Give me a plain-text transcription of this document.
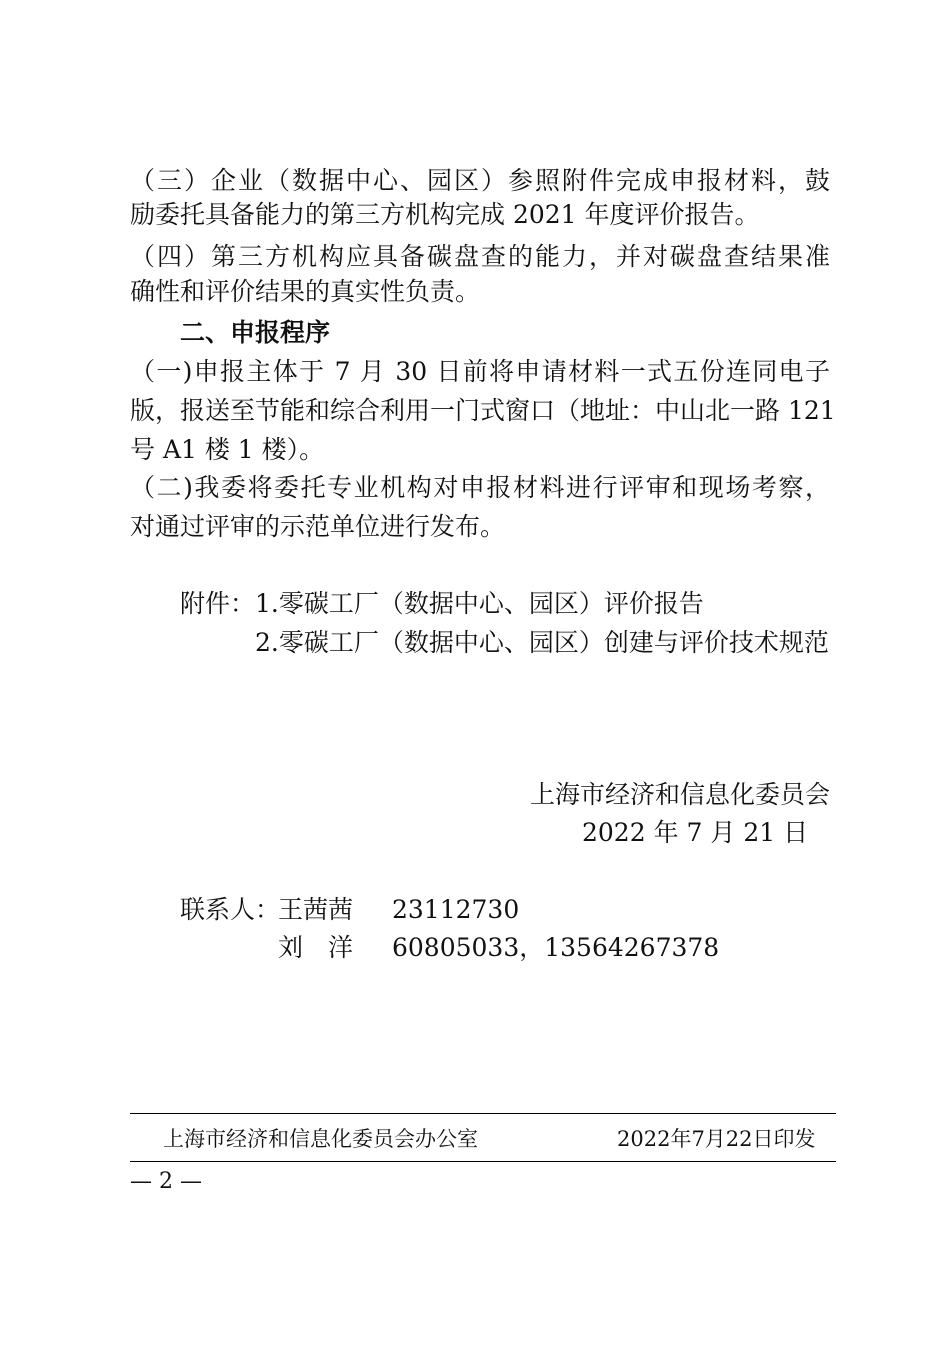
（三）企业（数据中心、园区）参照附件完成申报材料，鼓
励委托具备能力的第三方机构完成 2021 年度评价报告。
（四）第三方机构应具备碳盘查的能力，并对碳盘查结果准
确性和评价结果的真实性负责。
二、申报程序
（一)申报主体于 7 月 30 日前将申请材料一式五份连同电子
版，报送至节能和综合利用一门式窗口（地址：中山北一路 121
号 A1 楼 1 楼）。
（二)我委将委托专业机构对申报材料进行评审和现场考察，
对通过评审的示范单位进行发布。
附件： 1.零碳工厂（数据中心、园区）评价报告
2.零碳工厂（数据中心、园区）创建与评价技术规范
上海市经济和信息化委员会
2022 年 7 月 21 日
联系人：
王茜茜 23112730
刘　洋 60805033，13564267378
上海市经济和信息化委员会办公室	2022年7月22日印发
— 2 —
